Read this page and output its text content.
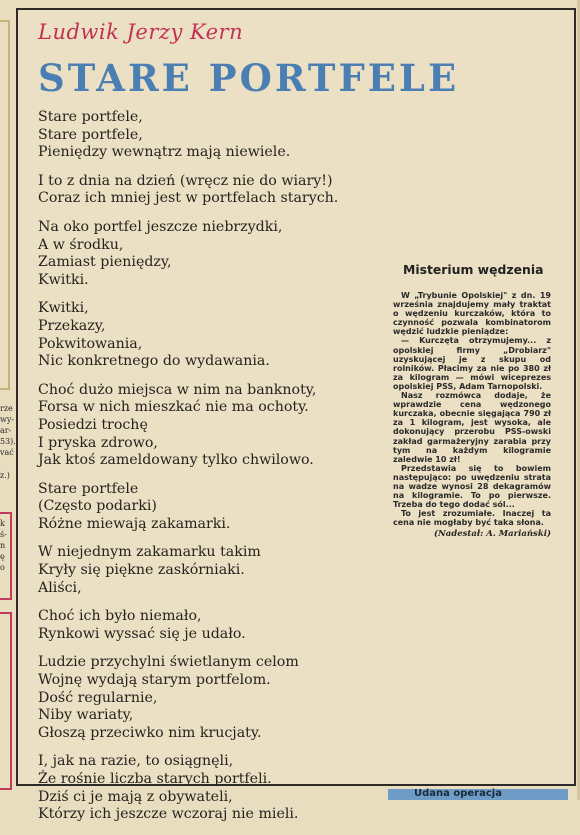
rze
wy-
ar-
53).
vać
z.)
k
ś-
n
ę
o
Ludwik Jerzy Kern
STARE PORTFELE
Stare portfele,
Stare portfele,
Pieniędzy wewnątrz mają niewiele.
I to z dnia na dzień (wręcz nie do wiary!)
Coraz ich mniej jest w portfelach starych.
Na oko portfel jeszcze niebrzydki,
A w środku,
Zamiast pieniędzy,
Kwitki.
Kwitki,
Przekazy,
Pokwitowania,
Nic konkretnego do wydawania.
Choć dużo miejsca w nim na banknoty,
Forsa w nich mieszkać nie ma ochoty.
Posiedzi trochę
I pryska zdrowo,
Jak ktoś zameldowany tylko chwilowo.
Stare portfele
(Często podarki)
Różne miewają zakamarki.
W niejednym zakamarku takim
Kryły się piękne zaskórniaki.
Aliści,
Choć ich było niemało,
Rynkowi wyssać się je udało.
Ludzie przychylni świetlanym celom
Wojnę wydają starym portfelom.
Dość regularnie,
Niby wariaty,
Głoszą przeciwko nim krucjaty.
I, jak na razie, to osiągnęli,
Że rośnie liczba starych portfeli.
Dziś ci je mają z obywateli,
Którzy ich jeszcze wczoraj nie mieli.
Misterium wędzenia

W „Trybunie Opolskiej" z dn. 19 września znajdujemy mały traktat o wędzeniu kurczaków, która to czynność pozwala kombinatorom wędzić ludzkie pieniądze:

— Kurczęta otrzymujemy... z opolskiej firmy „Drobiarz" uzyskującej je z skupu od rolników. Płacimy za nie po 380 zł za kilogram — mówi wiceprezes opolskiej PSS, Adam Tarnopolski.

Nasz rozmówca dodaje, że wprawdzie cena wędzonego kurczaka, obecnie sięgająca 790 zł za 1 kilogram, jest wysoka, ale dokonujący przerobu PSS-owski zakład garmażeryjny zarabia przy tym na każdym kilogramie zaledwie 10 zł!

Przedstawia się to bowiem następująco: po uwędzeniu strata na wadze wynosi 28 dekagramów na kilogramie. To po pierwsze. Trzeba do tego dodać sól...

To jest zrozumiałe. Inaczej ta cena nie mogłaby być taka słona.

(Nadestał: A. Mariański)
Udana operacja
